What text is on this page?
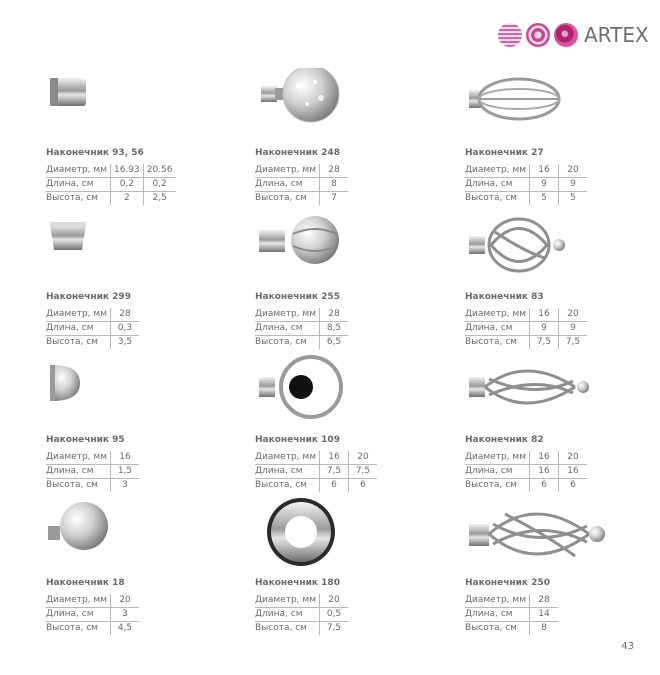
ARTEX
Наконечник 93, 56
Диаметр, мм	16.93	20.56
Длина, см	0,2	0,2
Высота, см	2	2,5
Наконечник 248
Диаметр, мм	28
Длина, см	8
Высота, см	7
Наконечник 27
Диаметр, мм	16	20
Длина, см	9	9
Высота, см	5	5
Наконечник 299
Диаметр, мм	28
Длина, см	0,3
Высота, см	3,5
Наконечник 255
Диаметр, мм	28
Длина, см	8,5
Высота, см	6,5
Наконечник 83
Диаметр, мм	16	20
Длина, см	9	9
Высота, см	7,5	7,5
Наконечник 95
Диаметр, мм	16
Длина, см	1,5
Высота, см	3
Наконечник 109
Диаметр, мм	16	20
Длина, см	7,5	7,5
Высота, см	6	6
Наконечник 82
Диаметр, мм	16	20
Длина, см	16	16
Высота, см	6	6
Наконечник 18
Диаметр, мм	20
Длина, см	3
Высота, см	4,5
Наконечник 180
Диаметр, мм	20
Длина, см	0,5
Высота, см	7,5
Наконечник 250
Диаметр, мм	28
Длина, см	14
Высота, см	8
43
